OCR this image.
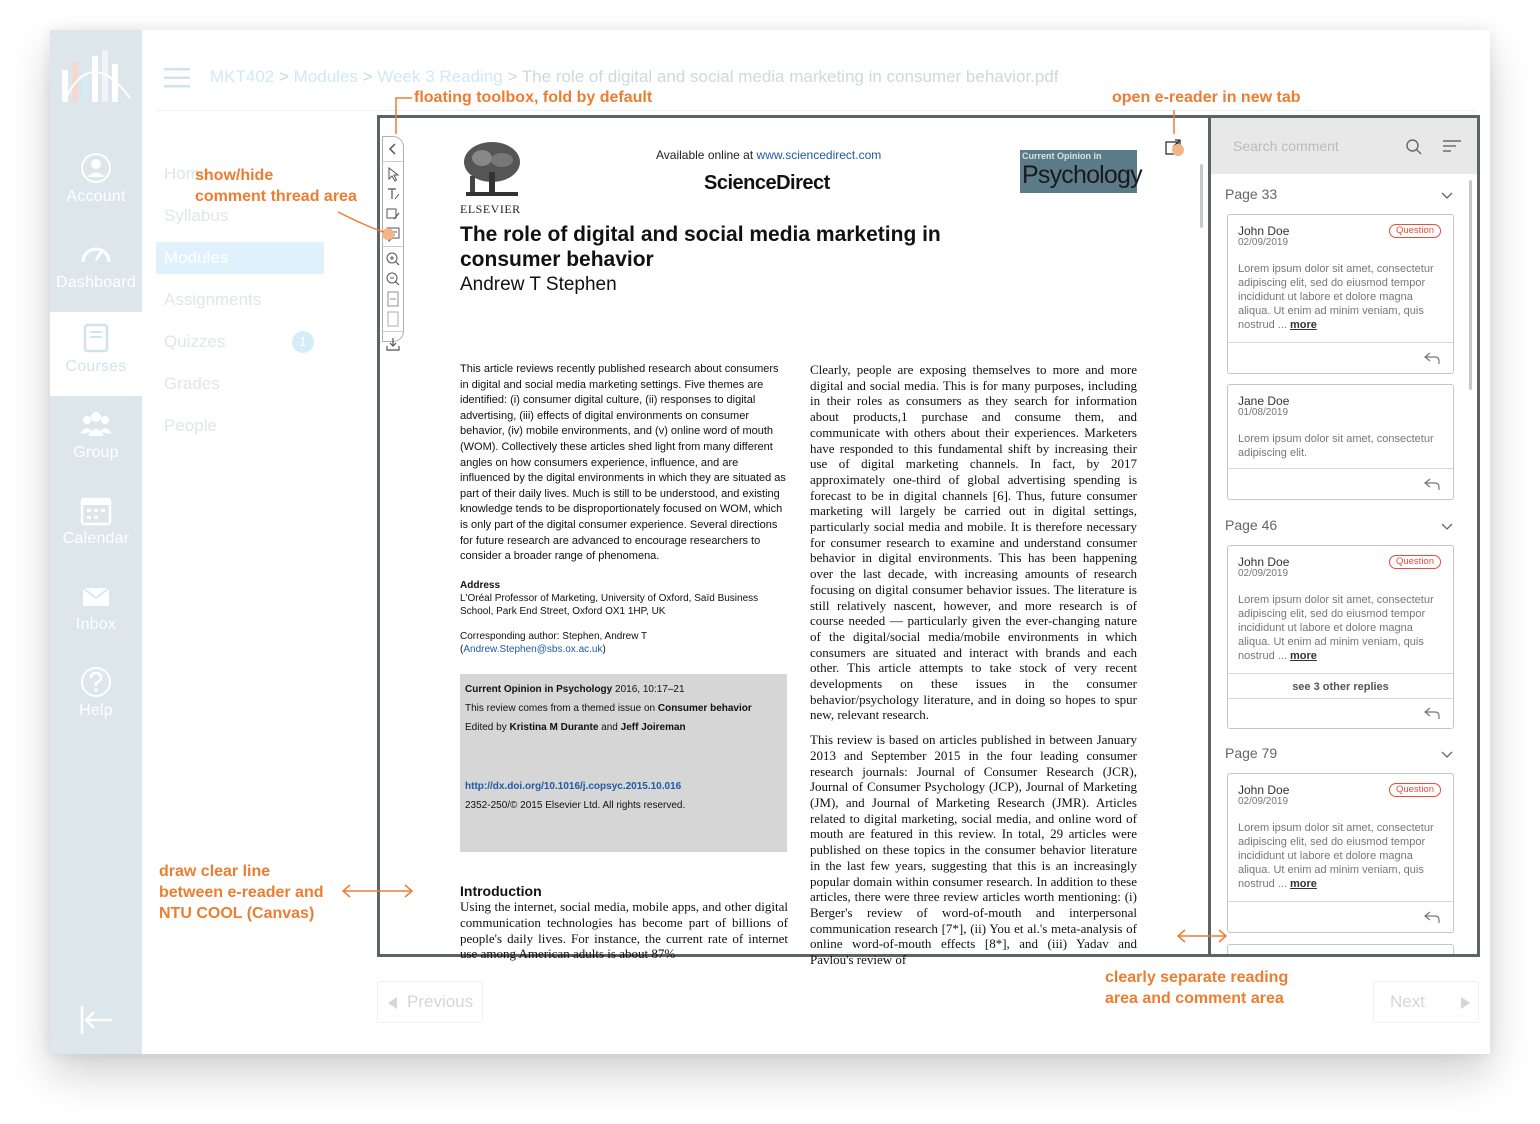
Account
Dashboard
Courses
Group
Calendar
Inbox
Help
MKT402 > Modules > Week 3 Reading > The role of digital and social media marketing in consumer behavior.pdf
Home
Syllabus
Modules
Assignments
Quizzes	1
Grades
People
ELSEVIER
Available online at www.sciencedirect.com
ScienceDirect
Current Opinion in
Psychology
The role of digital and social media marketing in consumer behavior
Andrew T Stephen
This article reviews recently published research about consumers in digital and social media marketing settings. Five themes are identified: (i) consumer digital culture, (ii) responses to digital advertising, (iii) effects of digital environments on consumer behavior, (iv) mobile environments, and (v) online word of mouth (WOM). Collectively these articles shed light from many different angles on how consumers experience, influence, and are influenced by the digital environments in which they are situated as part of their daily lives. Much is still to be understood, and existing knowledge tends to be disproportionately focused on WOM, which is only part of the digital consumer experience. Several directions for future research are advanced to encourage researchers to consider a broader range of phenomena.
Address
L'Oréal Professor of Marketing, University of Oxford, Saïd Business School, Park End Street, Oxford OX1 1HP, UK
Corresponding author: Stephen, Andrew T
(Andrew.Stephen@sbs.ox.ac.uk)
Current Opinion in Psychology 2016, 10:17–21
This review comes from a themed issue on Consumer behavior
Edited by Kristina M Durante and Jeff Joireman
http://dx.doi.org/10.1016/j.copsyc.2015.10.016
2352-250/© 2015 Elsevier Ltd. All rights reserved.
Introduction
Using the internet, social media, mobile apps, and other digital communication technologies has become part of billions of people's daily lives. For instance, the current rate of internet use among American adults is about 87%

Clearly, people are exposing themselves to more and more digital and social media. This is for many purposes, including in their roles as consumers as they search for information about products,1 purchase and consume them, and communicate with others about their experiences. Marketers have responded to this fundamental shift by increasing their use of digital marketing channels. In fact, by 2017 approximately one-third of global advertising spending is forecast to be in digital channels [6]. Thus, future consumer marketing will largely be carried out in digital settings, particularly social media and mobile. It is therefore necessary for consumer research to examine and understand consumer behavior in digital environments. This has been happening over the last decade, with increasing amounts of research focusing on digital consumer behavior issues. The literature is still relatively nascent, however, and more research is of course needed — particularly given the ever-changing nature of the digital/social media/mobile environments in which consumers are situated and interact with brands and each other. This article attempts to take stock of very recent developments on these issues in the consumer behavior/psychology literature, and in doing so hopes to spur new, relevant research.

This review is based on articles published in between January 2013 and September 2015 in the four leading consumer research journals: Journal of Consumer Research (JCR), Journal of Consumer Psychology (JCP), Journal of Marketing (JM), and Journal of Marketing Research (JMR). Articles related to digital marketing, social media, and online word of mouth are featured in this review. In total, 29 articles were published on these topics in the consumer behavior literature in the last few years, suggesting that this is an increasingly popular domain within consumer research. In addition to these articles, there were three review articles worth mentioning: (i) Berger's review of word-of-mouth and interpersonal communication research [7*], (ii) You et al.'s meta-analysis of online word-of-mouth effects [8*], and (iii) Yadav and Pavlou's review of

Search comment
Page 33
John Doe
02/09/2019
Question
Lorem ipsum dolor sit amet, consectetur adipiscing elit, sed do eiusmod tempor incididunt ut labore et dolore magna aliqua. Ut enim ad minim veniam, quis nostrud ... more
Jane Doe
01/08/2019
Lorem ipsum dolor sit amet, consectetur adipiscing elit.
Page 46
John Doe
02/09/2019
Question
Lorem ipsum dolor sit amet, consectetur adipiscing elit, sed do eiusmod tempor incididunt ut labore et dolore magna aliqua. Ut enim ad minim veniam, quis nostrud ... more
see 3 other replies
Page 79
John Doe
02/09/2019
Question
Lorem ipsum dolor sit amet, consectetur adipiscing elit, sed do eiusmod tempor incididunt ut labore et dolore magna aliqua. Ut enim ad minim veniam, quis nostrud ... more
Previous	Next
floating toolbox, fold by default	open e-reader in new tab
show/hide
comment thread area
draw clear line
between e-reader and
NTU COOL (Canvas)
clearly separate reading
area and comment area
